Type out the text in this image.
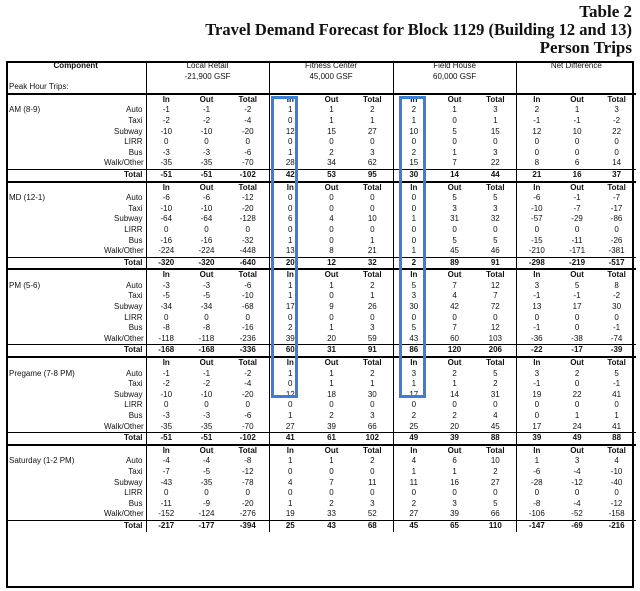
Table 2
Travel Demand Forecast for Block 1129 (Building 12 and 13)
Person Trips
Component		Local Retail			Fitness Center			Field House			Net Difference		
		-21,900 GSF			45,000 GSF			60,000 GSF					
Peak Hour Trips:													
		In	Out	Total	In	Out	Total	In	Out	Total	In	Out	Total
AM (8-9)	Auto	-1	-1	-2	1	1	2	2	1	3	2	1	3
	Taxi	-2	-2	-4	0	1	1	1	0	1	-1	-1	-2
	Subway	-10	-10	-20	12	15	27	10	5	15	12	10	22
	LIRR	0	0	0	0	0	0	0	0	0	0	0	0
	Bus	-3	-3	-6	1	2	3	2	1	3	0	0	0
	Walk/Other	-35	-35	-70	28	34	62	15	7	22	8	6	14
	Total	-51	-51	-102	42	53	95	30	14	44	21	16	37
		In	Out	Total	In	Out	Total	In	Out	Total	In	Out	Total
MD (12-1)	Auto	-6	-6	-12	0	0	0	0	5	5	-6	-1	-7
	Taxi	-10	-10	-20	0	0	0	0	3	3	-10	-7	-17
	Subway	-64	-64	-128	6	4	10	1	31	32	-57	-29	-86
	LIRR	0	0	0	0	0	0	0	0	0	0	0	0
	Bus	-16	-16	-32	1	0	1	0	5	5	-15	-11	-26
	Walk/Other	-224	-224	-448	13	8	21	1	45	46	-210	-171	-381
	Total	-320	-320	-640	20	12	32	2	89	91	-298	-219	-517
		In	Out	Total	In	Out	Total	In	Out	Total	In	Out	Total
PM (5-6)	Auto	-3	-3	-6	1	1	2	5	7	12	3	5	8
	Taxi	-5	-5	-10	1	0	1	3	4	7	-1	-1	-2
	Subway	-34	-34	-68	17	9	26	30	42	72	13	17	30
	LIRR	0	0	0	0	0	0	0	0	0	0	0	0
	Bus	-8	-8	-16	2	1	3	5	7	12	-1	0	-1
	Walk/Other	-118	-118	-236	39	20	59	43	60	103	-36	-38	-74
	Total	-168	-168	-336	60	31	91	86	120	206	-22	-17	-39
		In	Out	Total	In	Out	Total	In	Out	Total	In	Out	Total
Pregame (7-8 PM)	Auto	-1	-1	-2	1	1	2	3	2	5	3	2	5
	Taxi	-2	-2	-4	0	1	1	1	1	2	-1	0	-1
	Subway	-10	-10	-20	12	18	30	17	14	31	19	22	41
	LIRR	0	0	0	0	0	0	0	0	0	0	0	0
	Bus	-3	-3	-6	1	2	3	2	2	4	0	1	1
	Walk/Other	-35	-35	-70	27	39	66	25	20	45	17	24	41
	Total	-51	-51	-102	41	61	102	49	39	88	39	49	88
		In	Out	Total	In	Out	Total	In	Out	Total	In	Out	Total
Saturday (1-2 PM)	Auto	-4	-4	-8	1	1	2	4	6	10	1	3	4
	Taxi	-7	-5	-12	0	0	0	1	1	2	-6	-4	-10
	Subway	-43	-35	-78	4	7	11	11	16	27	-28	-12	-40
	LIRR	0	0	0	0	0	0	0	0	0	0	0	0
	Bus	-11	-9	-20	1	2	3	2	3	5	-8	-4	-12
	Walk/Other	-152	-124	-276	19	33	52	27	39	66	-106	-52	-158
	Total	-217	-177	-394	25	43	68	45	65	110	-147	-69	-216
